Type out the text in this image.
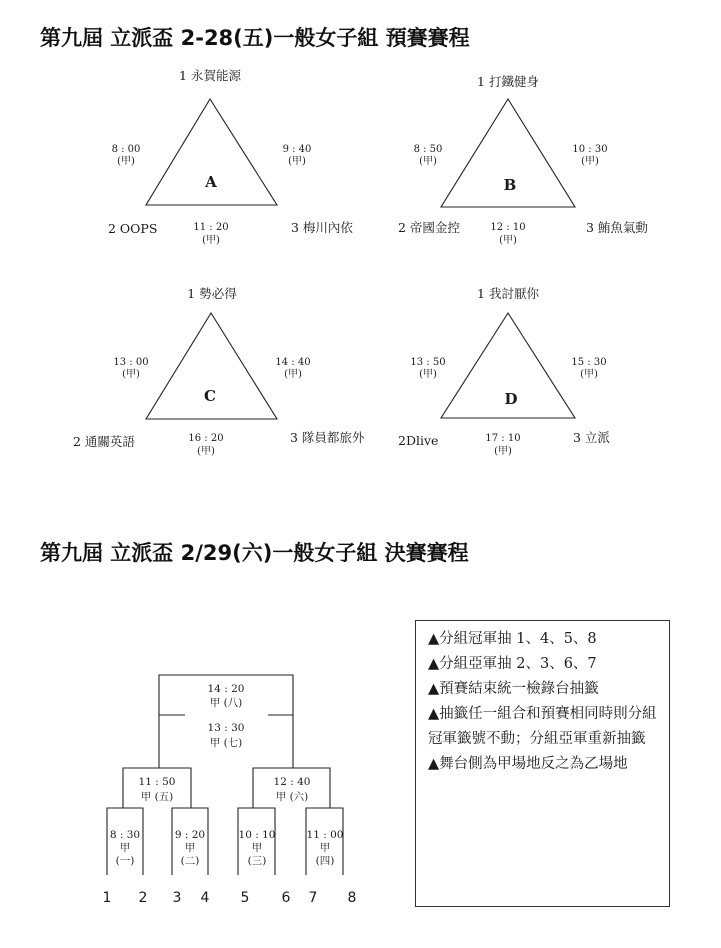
第九屆 立派盃 2-28(五)一般女子組 預賽賽程
第九屆 立派盃 2/29(六)一般女子組 決賽賽程
1 永賀能源
2 OOPS	3 梅川內依
A
8 : 00
(甲)
9 : 40
(甲)
11 : 20
(甲)
1 打鐵健身
2 帝國金控	3 鮪魚氣動
B
8 : 50
(甲)
10 : 30
(甲)
12 : 10
(甲)
1 勢必得
2 通關英語	3 隊員都旅外
C
13 : 00
(甲)
14 : 40
(甲)
16 : 20
(甲)
1 我討厭你
2Dlive	3 立派
D
13 : 50
(甲)
15 : 30
(甲)
17 : 10
(甲)
14 : 20
甲 (八)
13 : 30
甲 (七)
11 : 50
甲 (五)
12 : 40
甲 (六)
8 : 30
甲
(一)
9 : 20
甲
(二)
10 : 10
甲
(三)
11 : 00
甲
(四)
1 2 3 4 5 6 7 8
▲分組冠軍抽 1、4、5、8
▲分組亞軍抽 2、3、6、7
▲預賽結束統一檢錄台抽籤
▲抽籤任一組合和預賽相同時則分組冠軍籤號不動；分組亞軍重新抽籤
▲舞台側為甲場地反之為乙場地
